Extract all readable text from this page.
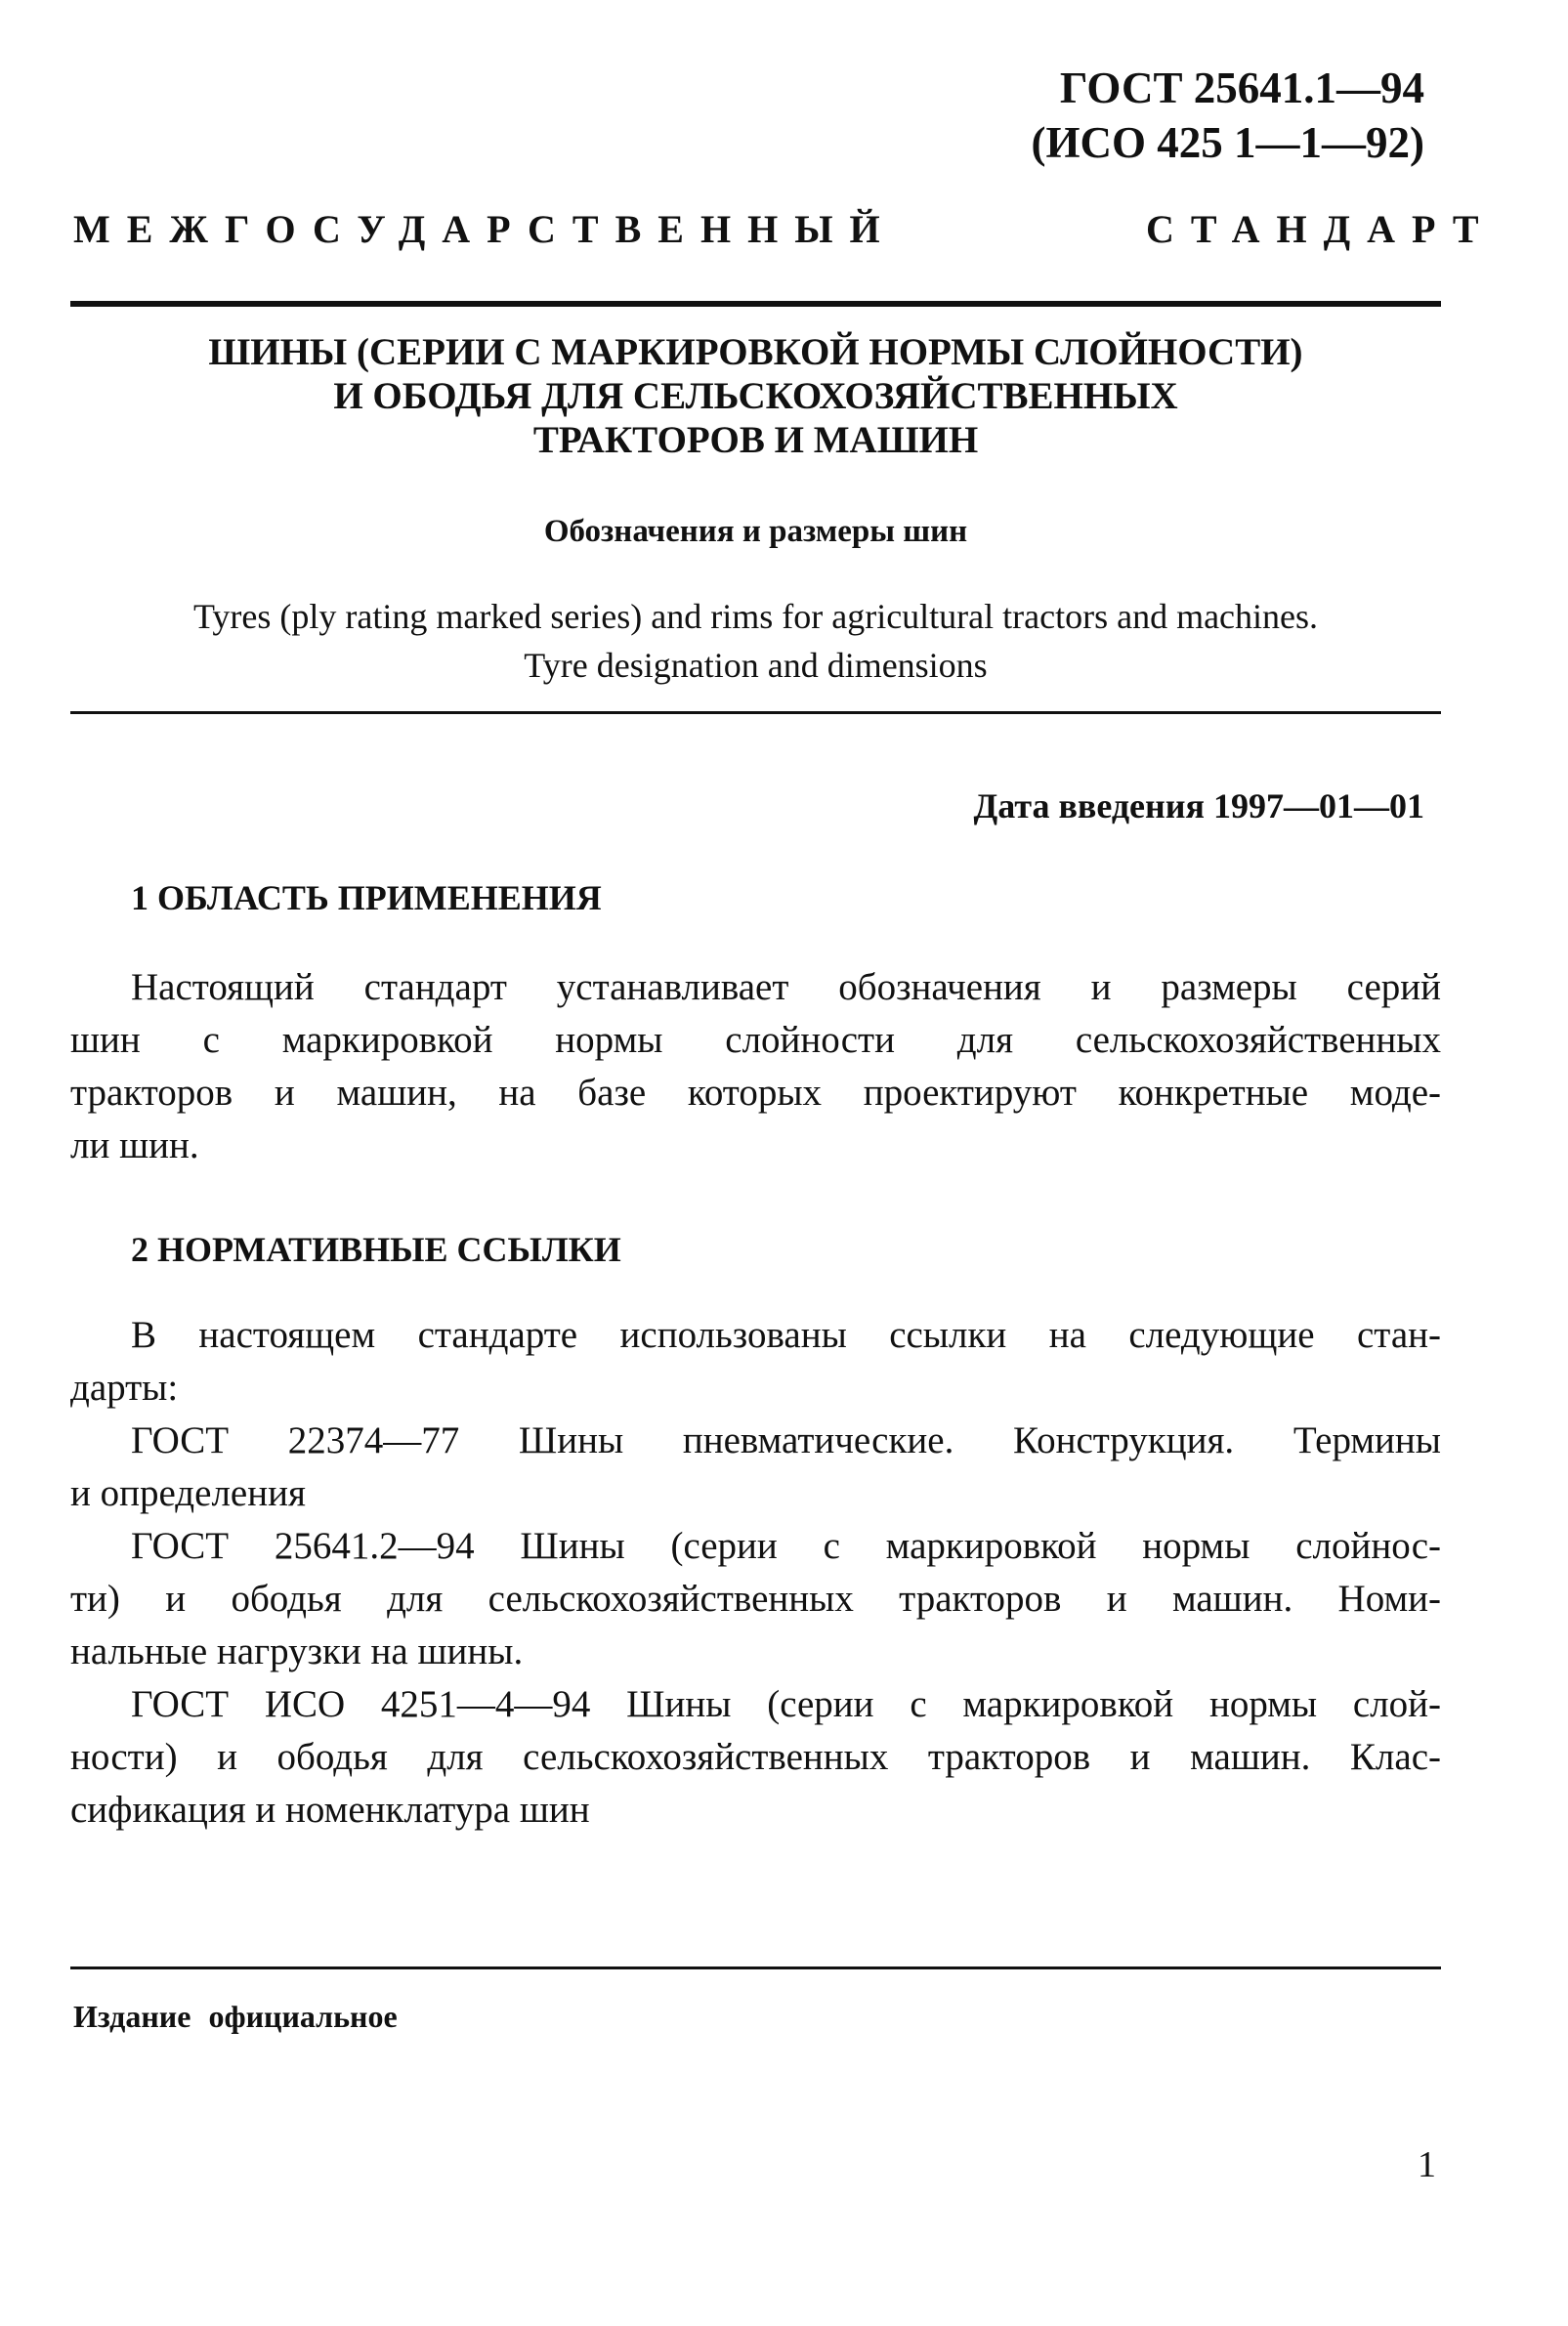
ГОСТ 25641.1—94
(ИСО 425 1—1—92)
МЕЖГОСУДАРСТВЕННЫЙ	СТАНДАРТ
ШИНЫ (СЕРИИ С МАРКИРОВКОЙ НОРМЫ СЛОЙНОСТИ)
И ОБОДЬЯ ДЛЯ СЕЛЬСКОХОЗЯЙСТВЕННЫХ
ТРАКТОРОВ И МАШИН
Обозначения и размеры шин
Tyres (ply rating marked series) and rims for agricultural tractors and machines.
Tyre designation and dimensions
Дата введения 1997—01—01
1 ОБЛАСТЬ ПРИМЕНЕНИЯ
Настоящий стандарт устанавливает обозначения и размеры серий
шин с маркировкой нормы слойности для сельскохозяйственных
тракторов и машин, на базе которых проектируют конкретные моде-
ли шин.
2 НОРМАТИВНЫЕ ССЫЛКИ
В настоящем стандарте использованы ссылки на следующие стан-
дарты:
ГОСТ 22374—77 Шины пневматические. Конструкция. Термины
и определения
ГОСТ 25641.2—94 Шины (серии с маркировкой нормы слойнос-
ти) и ободья для сельскохозяйственных тракторов и машин. Номи-
нальные нагрузки на шины.
ГОСТ ИСО 4251—4—94 Шины (серии с маркировкой нормы слой-
ности) и ободья для сельскохозяйственных тракторов и машин. Клас-
сификация и номенклатура шин
Издание официальное
1
